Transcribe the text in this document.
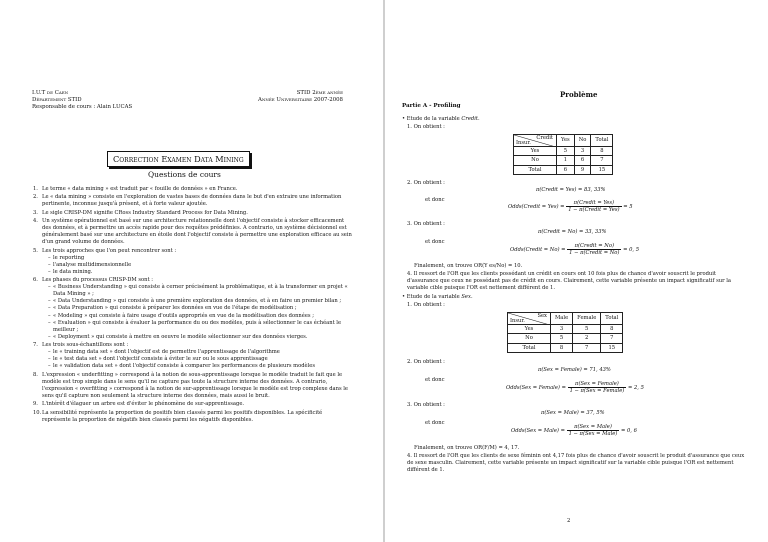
I.U.T de Caen
Département STID
Responsable de cours : Alain LUCAS
STID 2ème année
Année Universitaire 2007-2008
Correction Examen Data Mining
Questions de cours
1. Le terme « data mining » est traduit par « fouille de données » en France.
2. Le « data mining » consiste en l'exploration de vastes bases de données dans le but d'en extraire une information pertinente, inconnue jusqu'à présent, et à forte valeur ajoutée.
3. Le sigle CRISP-DM signifie CRoss Industry Standard Process for Data Mining.
4. Un système opérationnel est basé sur une architecture relationnelle dont l'objectif consiste à stocker efficacement des données, et à permettre un accès rapide pour des requêtes prédéfinies. A contrario, un système décisionnel est généralement basé sur une architecture en étoile dont l'objectif consiste à permettre une exploration efficace au sein d'un grand volume de données.
5. Les trois approches que l'on peut rencontrer sont :
– le reporting
– l'analyse multidimensionnelle
– le data mining.
6. Les phases du processus CRISP-DM sont :
– « Business Understanding » qui consiste à cerner précisément la problématique, et à la transformer en projet « Data Mining » ;
– « Data Understanding » qui consiste à une première exploration des données, et à en faire un premier bilan ;
– « Data Preparation » qui consiste à préparer les données en vue de l'étape de modélisation ;
– « Modeling » qui consiste à faire usage d'outils appropriés en vue de la modélisation des données ;
– « Evaluation » qui consiste à évaluer la performance du ou des modèles, puis à sélectionner le cas échéant le meilleur ;
– « Deployment » qui consiste à mettre en oeuvre le modèle sélectionner sur des données vierges.
7. Les trois sous-échantillons sont :
– le « training data set » dont l'objectif est de permettre l'apprentissage de l'algorithme
– le « test data set » dont l'objectif consiste à éviter le sur ou le sous apprentissage
– le « validation data set » dont l'objectif consiste à comparer les performances de plusieurs modèles
8. L'expression « underfitting » correspond à la notion de sous-apprentissage lorsque le modèle traduit le fait que le modèle est trop simple dans le sens qu'il ne capture pas toute la structure interne des données. A contrario, l'expression « overfitting » correspond à la notion de sur-apprentissage lorsque le modèle est trop complexe dans le sens qu'il capture non seulement la structure interne des données, mais aussi le bruit.
9. L'intérêt d'élaguer un arbre est d'éviter le phénomène de sur-apprentissage.
10. La sensibilité représente la proportion de positifs bien classés parmi les positifs disponibles. La spécificité représente la proportion de négatifs bien classés parmi les négatifs disponibles.
Problème
Partie A - Profiling
• Etude de la variable Credit.
1. On obtient :
Credit
Insur.	Yes	No	Total
Yes	5	3	8
No	1	6	7
Total	6	9	15
2. On obtient :
π(Credit = Yes) = 83, 33%
et donc
Odds(Credit = $Yes) = \frac{\text{π(Credit = Yes)}}{\text{1 − π(Credit = Yes)}} = 5$
3. On obtient :
π(Credit = No) = 33, 33%
et donc
Odds(Credit = $No) = \frac{\text{π(Credit = No)}}{\text{1 − π(Credit = No)}} = 0$, 5
Finalement, on trouve OR(Y es/No) = 10.
4. Il ressort de l'OR que les clients possédant un crédit en cours ont 10 fois plus de chance d'avoir souscrit le produit d'assurance que ceux ne possédant pas de crédit en cours. Clairement, cette variable présente un impact significatif sur la variable cible puisque l'OR est nettement différent de 1.
• Etude de la variable Sex.
1. On obtient :
Sex
Insur.	Male	Female	Total
Yes	3	5	8
No	5	2	7
Total	8	7	15
2. On obtient :
π(Sex = Female) = 71, 43%
et donc
Odds(Sex = Female) = $\frac{\text{π(Sex = Female)}}{\text{1 − π(Sex = Female)}} = 2$, 5
3. On obtient :
π(Sex = Male) = 37, 5%
et donc
Odds(Sex = Male) = $\frac{\text{π(Sex = Male)}}{\text{1 − π(Sex = Male)}} = 0$, 6
Finalement, on trouve OR(F/M) = 4, 17.
4. Il ressort de l'OR que les clients de sexe féminin ont 4,17 fois plus de chance d'avoir souscrit le produit d'assurance que ceux de sexe masculin. Clairement, cette variable présente un impact significatif sur la variable cible puisque l'OR est nettement différent de 1.
2
